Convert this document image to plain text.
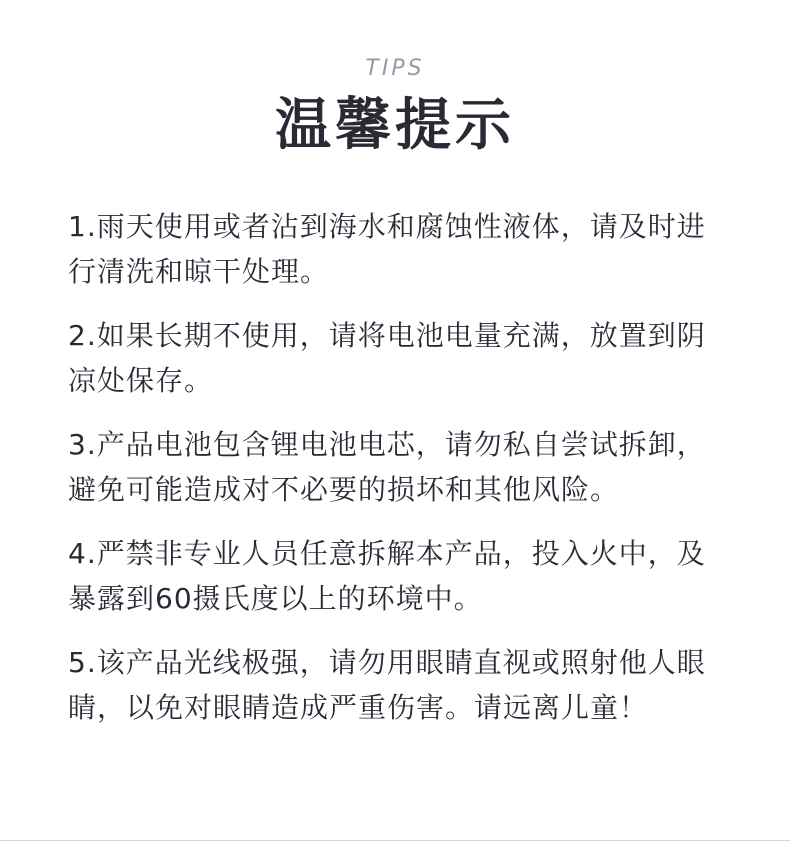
TIPS
温馨提示
1.雨天使用或者沾到海水和腐蚀性液体，请及时进行清洗和晾干处理。
2.如果长期不使用，请将电池电量充满，放置到阴凉处保存。
3.产品电池包含锂电池电芯，请勿私自尝试拆卸，避免可能造成对不必要的损坏和其他风险。
4.严禁非专业人员任意拆解本产品，投入火中，及暴露到60摄氏度以上的环境中。
5.该产品光线极强，请勿用眼睛直视或照射他人眼睛，以免对眼睛造成严重伤害。请远离儿童！
